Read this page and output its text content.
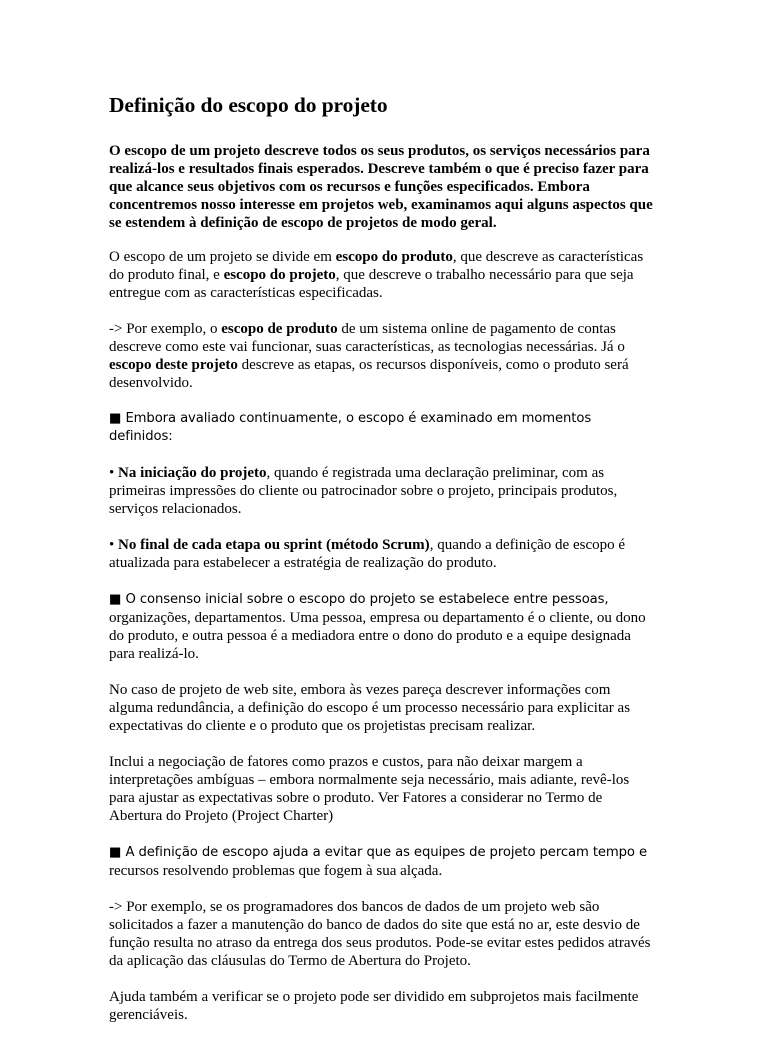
Definição do escopo do projeto

O escopo de um projeto descreve todos os seus produtos, os serviços necessários para realizá-los e resultados finais esperados. Descreve também o que é preciso fazer para que alcance seus objetivos com os recursos e funções especificados. Embora concentremos nosso interesse em projetos web, examinamos aqui alguns aspectos que se estendem à definição de escopo de projetos de modo geral.

O escopo de um projeto se divide em escopo do produto, que descreve as características do produto final, e escopo do projeto, que descreve o trabalho necessário para que seja entregue com as características especificadas.

-> Por exemplo, o escopo de produto de um sistema online de pagamento de contas descreve como este vai funcionar, suas características, as tecnologias necessárias. Já o escopo deste projeto descreve as etapas, os recursos disponíveis, como o produto será desenvolvido.

■ Embora avaliado continuamente, o escopo é examinado em momentos definidos:

• Na iniciação do projeto, quando é registrada uma declaração preliminar, com as primeiras impressões do cliente ou patrocinador sobre o projeto, principais produtos, serviços relacionados.

• No final de cada etapa ou sprint (método Scrum), quando a definição de escopo é atualizada para estabelecer a estratégia de realização do produto.

■ O consenso inicial sobre o escopo do projeto se estabelece entre pessoas, organizações, departamentos. Uma pessoa, empresa ou departamento é o cliente, ou dono do produto, e outra pessoa é a mediadora entre o dono do produto e a equipe designada para realizá-lo.

No caso de projeto de web site, embora às vezes pareça descrever informações com alguma redundância, a definição do escopo é um processo necessário para explicitar as expectativas do cliente e o produto que os projetistas precisam realizar.

Inclui a negociação de fatores como prazos e custos, para não deixar margem a interpretações ambíguas – embora normalmente seja necessário, mais adiante, revê-los para ajustar as expectativas sobre o produto. Ver Fatores a considerar no Termo de Abertura do Projeto (Project Charter)

■ A definição de escopo ajuda a evitar que as equipes de projeto percam tempo e recursos resolvendo problemas que fogem à sua alçada.

-> Por exemplo, se os programadores dos bancos de dados de um projeto web são solicitados a fazer a manutenção do banco de dados do site que está no ar, este desvio de função resulta no atraso da entrega dos seus produtos. Pode-se evitar estes pedidos através da aplicação das cláusulas do Termo de Abertura do Projeto.

Ajuda também a verificar se o projeto pode ser dividido em subprojetos mais facilmente gerenciáveis.
